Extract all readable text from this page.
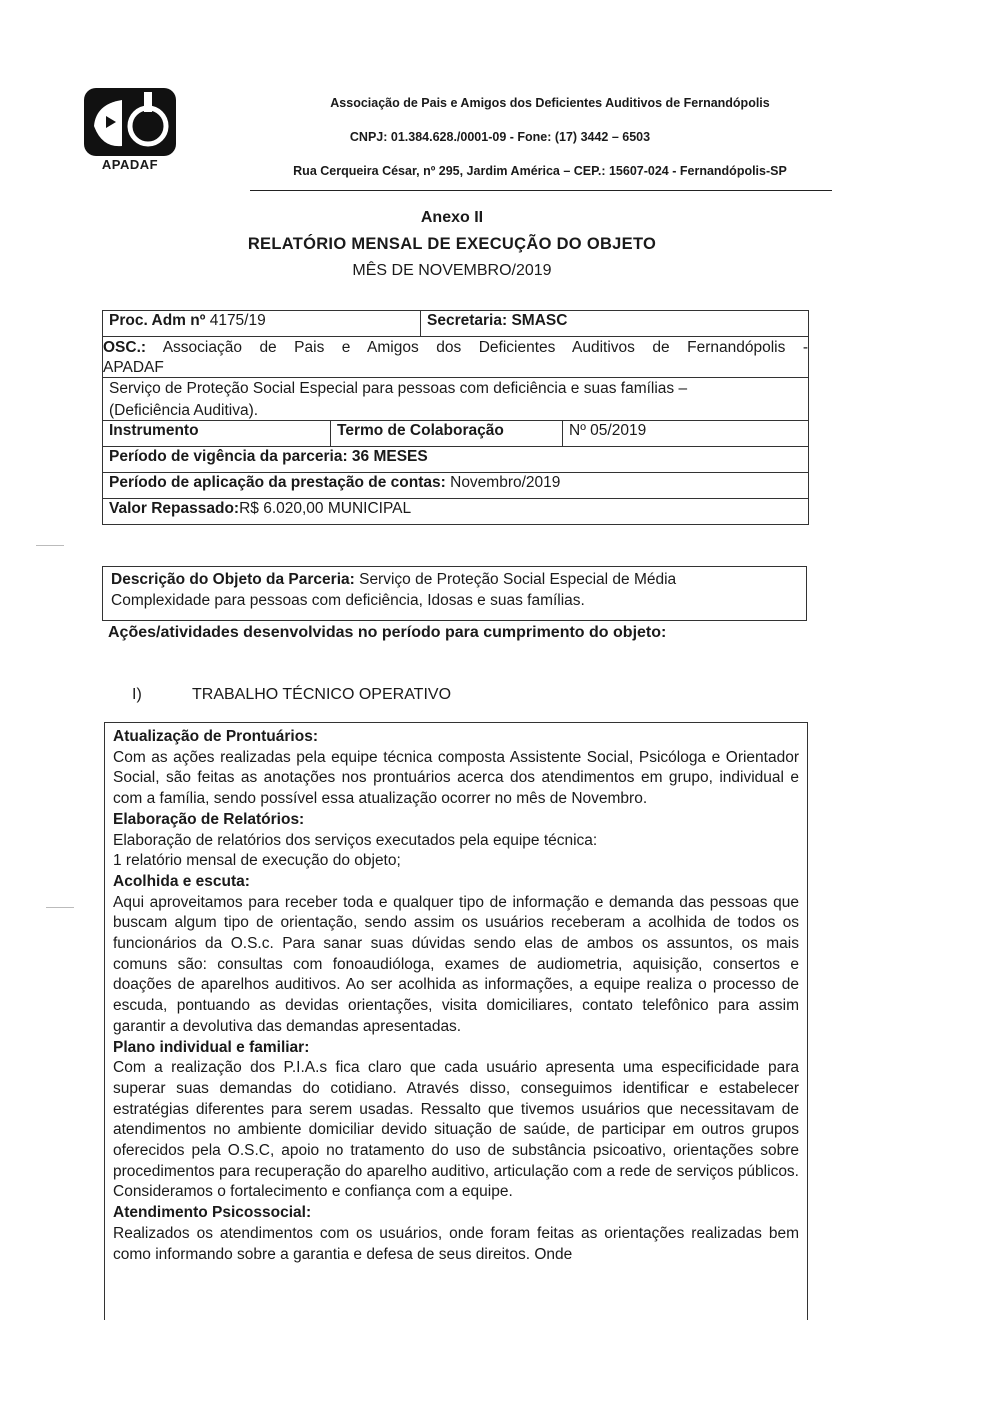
APADAF
Associação de Pais e Amigos dos Deficientes Auditivos de Fernandópolis
CNPJ: 01.384.628./0001-09 - Fone: (17) 3442 – 6503
Rua Cerqueira César, nº 295, Jardim América – CEP.: 15607-024 - Fernandópolis-SP
Anexo II
RELATÓRIO MENSAL DE EXECUÇÃO DO OBJETO
MÊS DE NOVEMBRO/2019
Proc. Adm nº 4175/19	Secretaria: SMASC
OSC.: Associação de Pais e Amigos dos Deficientes Auditivos de Fernandópolis -
APADAF
Serviço de Proteção Social Especial para pessoas com deficiência e suas famílias –
(Deficiência Auditiva).
Instrumento	Termo de Colaboração	Nº 05/2019
Período de vigência da parceria: 36 MESES
Período de aplicação da prestação de contas: Novembro/2019
Valor Repassado:R$ 6.020,00 MUNICIPAL
Descrição do Objeto da Parceria: Serviço de Proteção Social Especial de Média
Complexidade para pessoas com deficiência, Idosas e suas famílias.
Ações/atividades desenvolvidas no período para cumprimento do objeto:
I)	TRABALHO TÉCNICO OPERATIVO
Atualização de Prontuários:
Com as ações realizadas pela equipe técnica composta Assistente Social, Psicóloga e Orientador Social, são feitas as anotações nos prontuários acerca dos atendimentos em grupo, individual e com a família, sendo possível essa atualização ocorrer no mês de Novembro.
Elaboração de Relatórios:
Elaboração de relatórios dos serviços executados pela equipe técnica:
1 relatório mensal de execução do objeto;
Acolhida e escuta:
Aqui aproveitamos para receber toda e qualquer tipo de informação e demanda das pessoas que buscam algum tipo de orientação, sendo assim os usuários receberam a acolhida de todos os funcionários da O.S.c. Para sanar suas dúvidas sendo elas de ambos os assuntos, os mais comuns são: consultas com fonoaudióloga, exames de audiometria, aquisição, consertos e doações de aparelhos auditivos. Ao ser acolhida as informações, a equipe realiza o processo de escuda, pontuando as devidas orientações, visita domiciliares, contato telefônico para assim garantir a devolutiva das demandas apresentadas.
Plano individual e familiar:
Com a realização dos P.I.A.s fica claro que cada usuário apresenta uma especificidade para superar suas demandas do cotidiano. Através disso, conseguimos identificar e estabelecer estratégias diferentes para serem usadas. Ressalto que tivemos usuários que necessitavam de atendimentos no ambiente domiciliar devido situação de saúde, de participar em outros grupos oferecidos pela O.S.C, apoio no tratamento do uso de substância psicoativo, orientações sobre procedimentos para recuperação do aparelho auditivo, articulação com a rede de serviços públicos. Consideramos o fortalecimento e confiança com a equipe.
Atendimento Psicossocial:
Realizados os atendimentos com os usuários, onde foram feitas as orientações realizadas bem como informando sobre a garantia e defesa de seus direitos. Onde
